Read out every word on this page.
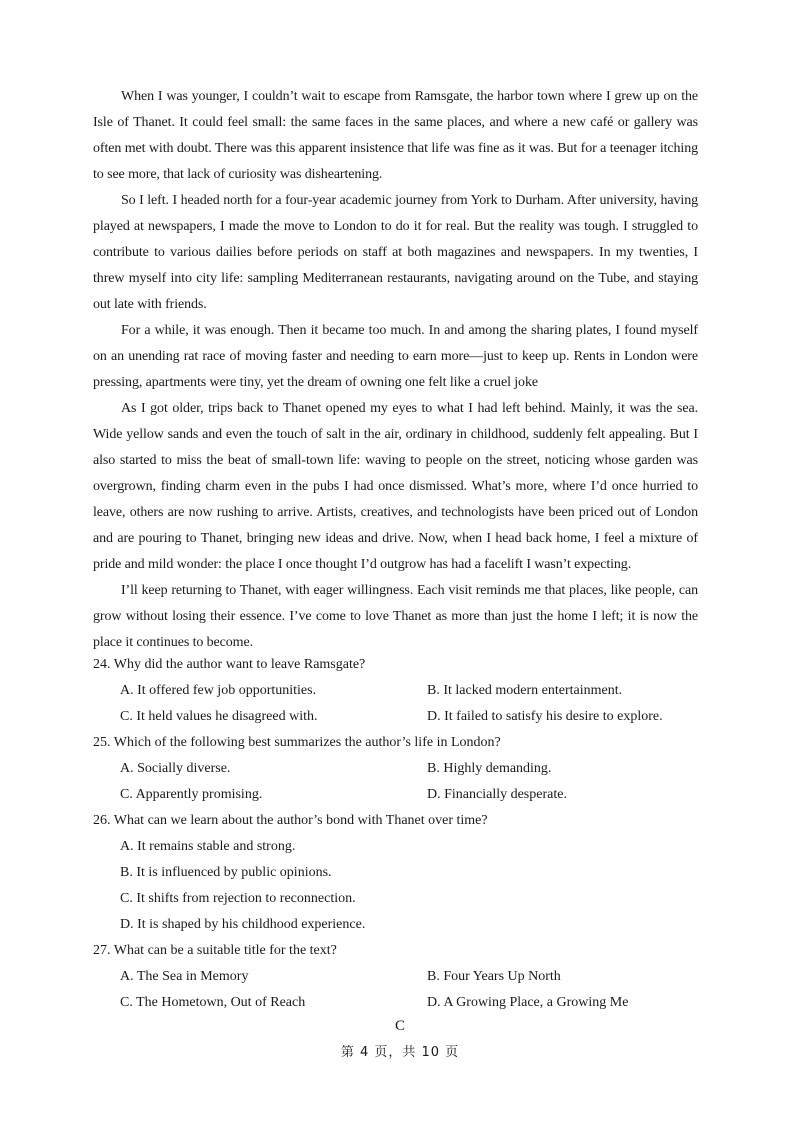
When I was younger, I couldn’t wait to escape from Ramsgate, the harbor town where I grew up on the Isle of Thanet. It could feel small: the same faces in the same places, and where a new café or gallery was often met with doubt. There was this apparent insistence that life was fine as it was. But for a teenager itching to see more, that lack of curiosity was disheartening.

So I left. I headed north for a four-year academic journey from York to Durham. After university, having played at newspapers, I made the move to London to do it for real. But the reality was tough. I struggled to contribute to various dailies before periods on staff at both magazines and newspapers. In my twenties, I threw myself into city life: sampling Mediterranean restaurants, navigating around on the Tube, and staying out late with friends.

For a while, it was enough. Then it became too much. In and among the sharing plates, I found myself on an unending rat race of moving faster and needing to earn more—just to keep up. Rents in London were pressing, apartments were tiny, yet the dream of owning one felt like a cruel joke

As I got older, trips back to Thanet opened my eyes to what I had left behind. Mainly, it was the sea. Wide yellow sands and even the touch of salt in the air, ordinary in childhood, suddenly felt appealing. But I also started to miss the beat of small-town life: waving to people on the street, noticing whose garden was overgrown, finding charm even in the pubs I had once dismissed. What’s more, where I’d once hurried to leave, others are now rushing to arrive. Artists, creatives, and technologists have been priced out of London and are pouring to Thanet, bringing new ideas and drive. Now, when I head back home, I feel a mixture of pride and mild wonder: the place I once thought I’d outgrow has had a facelift I wasn’t expecting.

I’ll keep returning to Thanet, with eager willingness. Each visit reminds me that places, like people, can grow without losing their essence. I’ve come to love Thanet as more than just the home I left; it is now the place it continues to become.

24. Why did the author want to leave Ramsgate?

A. It offered few job opportunities.	B. It lacked modern entertainment.
C. It held values he disagreed with.	D. It failed to satisfy his desire to explore.

25. Which of the following best summarizes the author’s life in London?

A. Socially diverse.	B. Highly demanding.
C. Apparently promising.	D. Financially desperate.

26. What can we learn about the author’s bond with Thanet over time?

A. It remains stable and strong.
B. It is influenced by public opinions.
C. It shifts from rejection to reconnection.
D. It is shaped by his childhood experience.

27. What can be a suitable title for the text?

A. The Sea in Memory	B. Four Years Up North
C. The Hometown, Out of Reach	D. A Growing Place, a Growing Me
C
第 4 页，共 10 页
